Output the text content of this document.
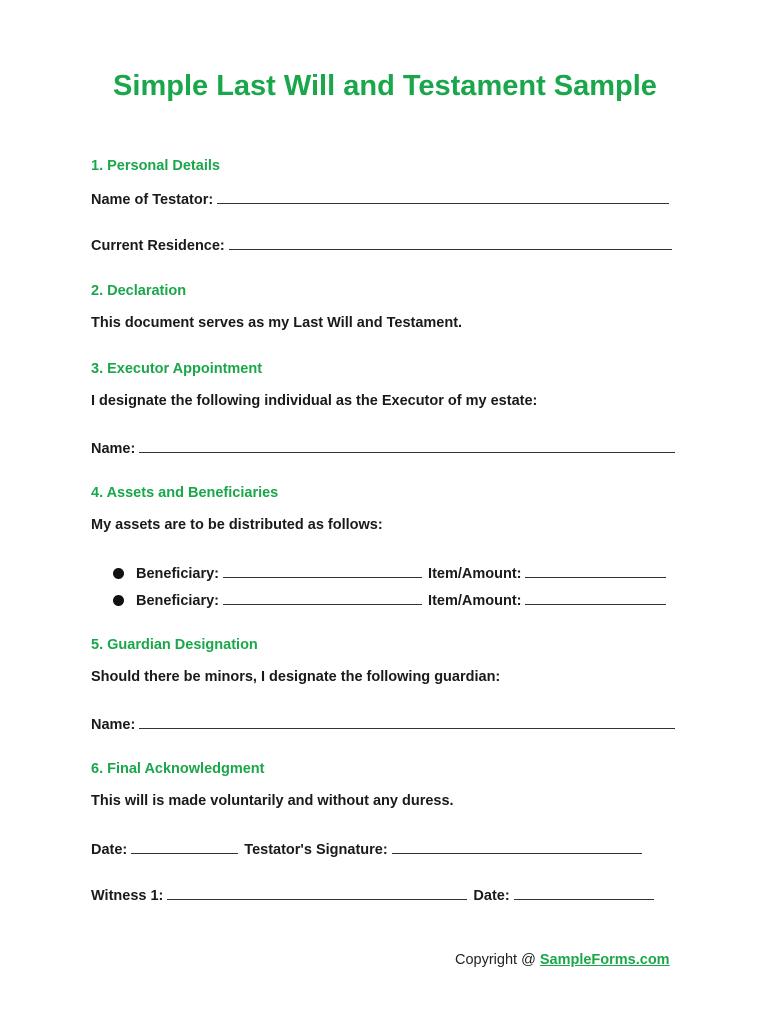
Simple Last Will and Testament Sample
1. Personal Details
Name of Testator:
Current Residence:
2. Declaration
This document serves as my Last Will and Testament.
3. Executor Appointment
I designate the following individual as the Executor of my estate:
Name:
4. Assets and Beneficiaries
My assets are to be distributed as follows:
Beneficiary:	Item/Amount:
Beneficiary:	Item/Amount:
5. Guardian Designation
Should there be minors, I designate the following guardian:
Name:
6. Final Acknowledgment
This will is made voluntarily and without any duress.
Date:	Testator's Signature:
Witness 1:	Date:
Copyright @ SampleForms.com
